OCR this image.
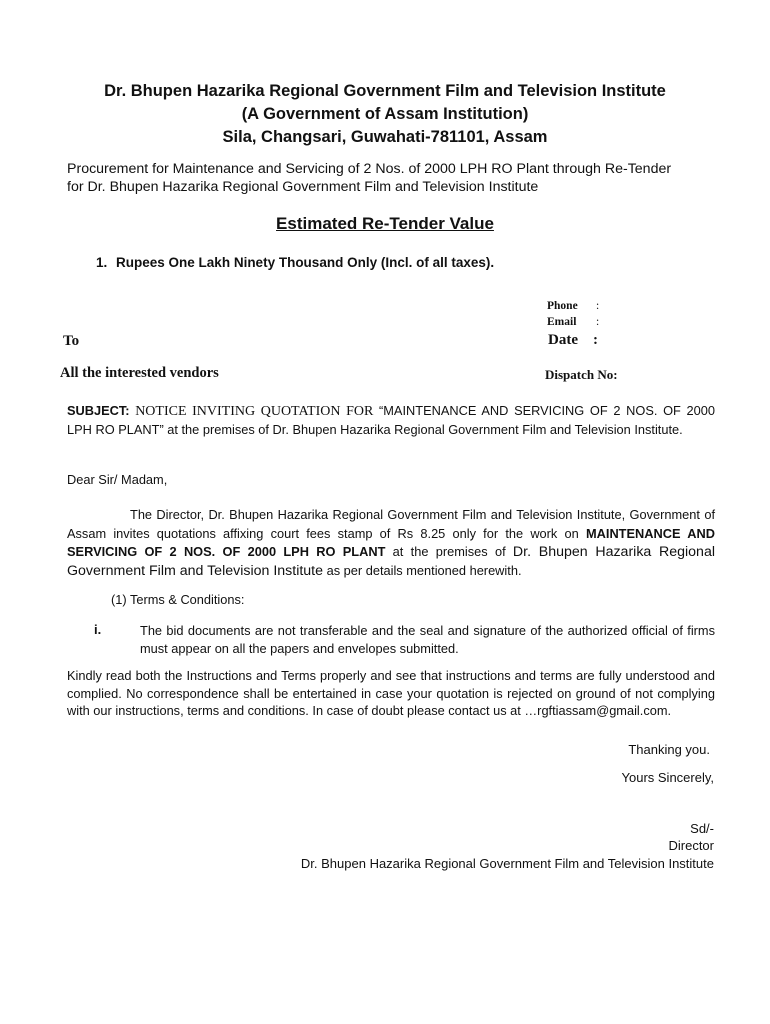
Dr. Bhupen Hazarika Regional Government Film and Television Institute
(A Government of Assam Institution)
Sila, Changsari, Guwahati-781101, Assam
Procurement for Maintenance and Servicing of 2 Nos. of 2000 LPH RO Plant through Re-Tender
for Dr. Bhupen Hazarika Regional Government Film and Television Institute
Estimated Re-Tender Value
1. Rupees One Lakh Ninety Thousand Only (Incl. of all taxes).
Phone :
Email :
Date :
Dispatch No:
To
All the interested vendors
SUBJECT: NOTICE INVITING QUOTATION FOR “MAINTENANCE AND SERVICING OF 2 NOS. OF 2000 LPH RO PLANT” at the premises of Dr. Bhupen Hazarika Regional Government Film and Television Institute.
Dear Sir/ Madam,
The Director, Dr. Bhupen Hazarika Regional Government Film and Television Institute, Government of Assam invites quotations affixing court fees stamp of Rs 8.25 only for the work on MAINTENANCE AND SERVICING OF 2 NOS. OF 2000 LPH RO PLANT at the premises of Dr. Bhupen Hazarika Regional Government Film and Television Institute as per details mentioned herewith.
(1) Terms & Conditions:
i.	The bid documents are not transferable and the seal and signature of the authorized official of firms must appear on all the papers and envelopes submitted.
Kindly read both the Instructions and Terms properly and see that instructions and terms are fully understood and complied. No correspondence shall be entertained in case your quotation is rejected on ground of not complying with our instructions, terms and conditions. In case of doubt please contact us at …rgftiassam@gmail.com.
Thanking you.
Yours Sincerely,
Sd/-
Director
Dr. Bhupen Hazarika Regional Government Film and Television Institute
